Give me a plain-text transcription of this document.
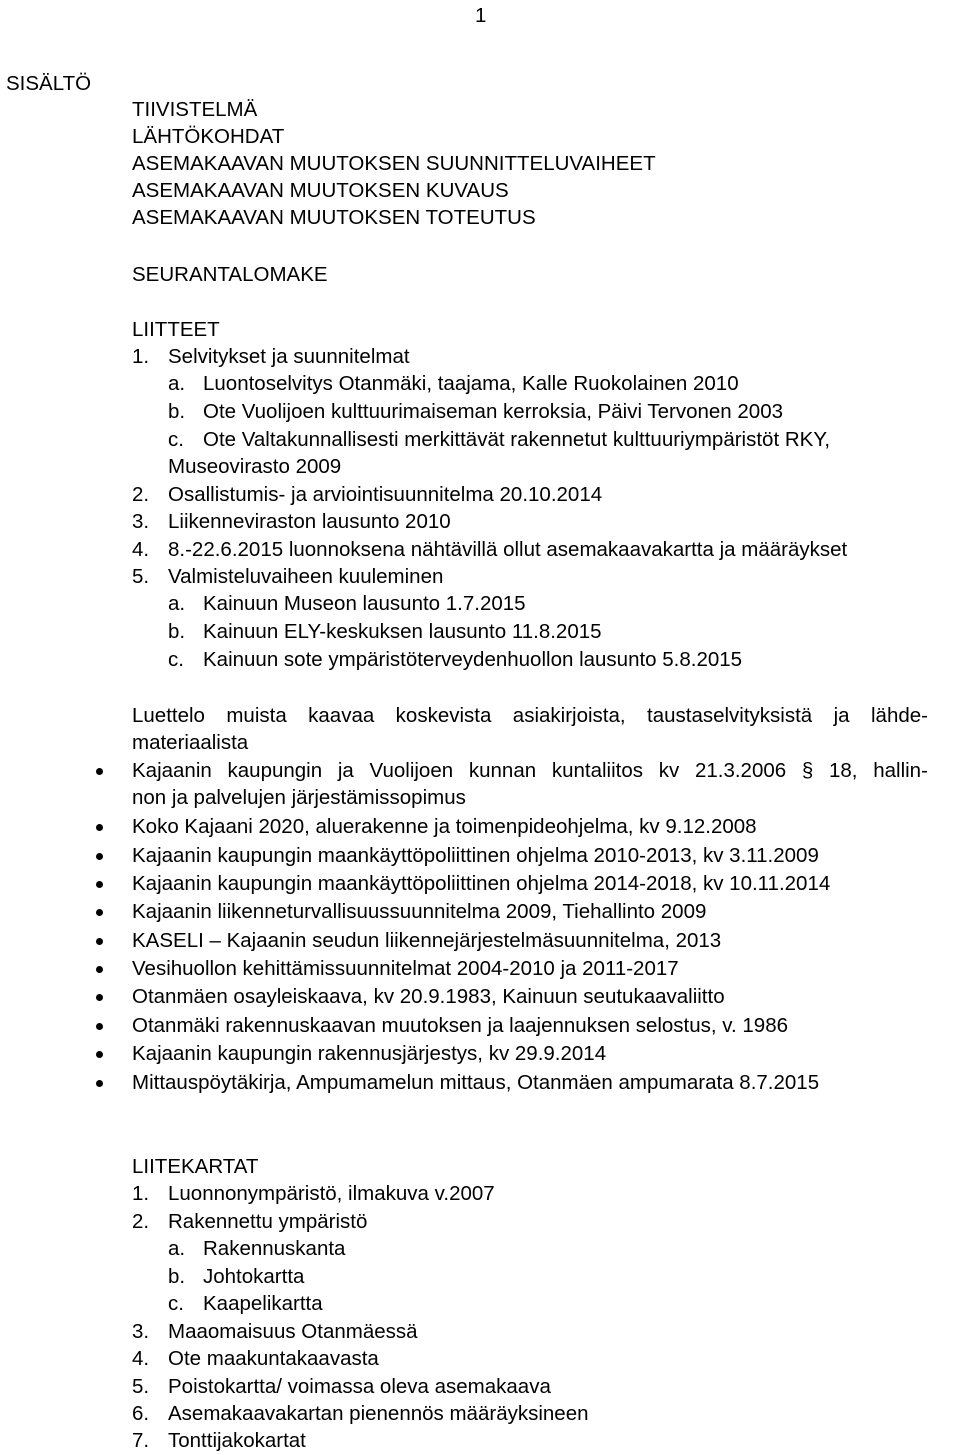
1
SISÄLTÖ
TIIVISTELMÄ
LÄHTÖKOHDAT
ASEMAKAAVAN MUUTOKSEN SUUNNITTELUVAIHEET
ASEMAKAAVAN MUUTOKSEN KUVAUS
ASEMAKAAVAN MUUTOKSEN TOTEUTUS
SEURANTALOMAKE
LIITTEET
1. Selvitykset ja suunnitelmat
a. Luontoselvitys Otanmäki, taajama, Kalle Ruokolainen 2010
b. Ote Vuolijoen kulttuurimaiseman kerroksia, Päivi Tervonen 2003
c. Ote Valtakunnallisesti merkittävät rakennetut kulttuuriympäristöt RKY,
Museovirasto 2009
2. Osallistumis- ja arviointisuunnitelma 20.10.2014
3. Liikenneviraston lausunto 2010
4. 8.-22.6.2015 luonnoksena nähtävillä ollut asemakaavakartta ja määräykset
5. Valmisteluvaiheen kuuleminen
a. Kainuun Museon lausunto 1.7.2015
b. Kainuun ELY-keskuksen lausunto 11.8.2015
c. Kainuun sote ympäristöterveydenhuollon lausunto 5.8.2015
Luettelo muista kaavaa koskevista asiakirjoista, taustaselvityksistä ja lähde-
materiaalista
Kajaanin kaupungin ja Vuolijoen kunnan kuntaliitos kv 21.3.2006 § 18, hallin-
non ja palvelujen järjestämissopimus
Koko Kajaani 2020, aluerakenne ja toimenpideohjelma, kv 9.12.2008
Kajaanin kaupungin maankäyttöpoliittinen ohjelma 2010-2013, kv 3.11.2009
Kajaanin kaupungin maankäyttöpoliittinen ohjelma 2014-2018, kv 10.11.2014
Kajaanin liikenneturvallisuussuunnitelma 2009, Tiehallinto 2009
KASELI – Kajaanin seudun liikennejärjestelmäsuunnitelma, 2013
Vesihuollon kehittämissuunnitelmat 2004-2010 ja 2011-2017
Otanmäen osayleiskaava, kv 20.9.1983, Kainuun seutukaavaliitto
Otanmäki rakennuskaavan muutoksen ja laajennuksen selostus, v. 1986
Kajaanin kaupungin rakennusjärjestys, kv 29.9.2014
Mittauspöytäkirja, Ampumamelun mittaus, Otanmäen ampumarata 8.7.2015
LIITEKARTAT
1. Luonnonympäristö, ilmakuva v.2007
2. Rakennettu ympäristö
a. Rakennuskanta
b. Johtokartta
c. Kaapelikartta
3. Maaomaisuus Otanmäessä
4. Ote maakuntakaavasta
5. Poistokartta/ voimassa oleva asemakaava
6. Asemakaavakartan pienennös määräyksineen
7. Tonttijakokartat
